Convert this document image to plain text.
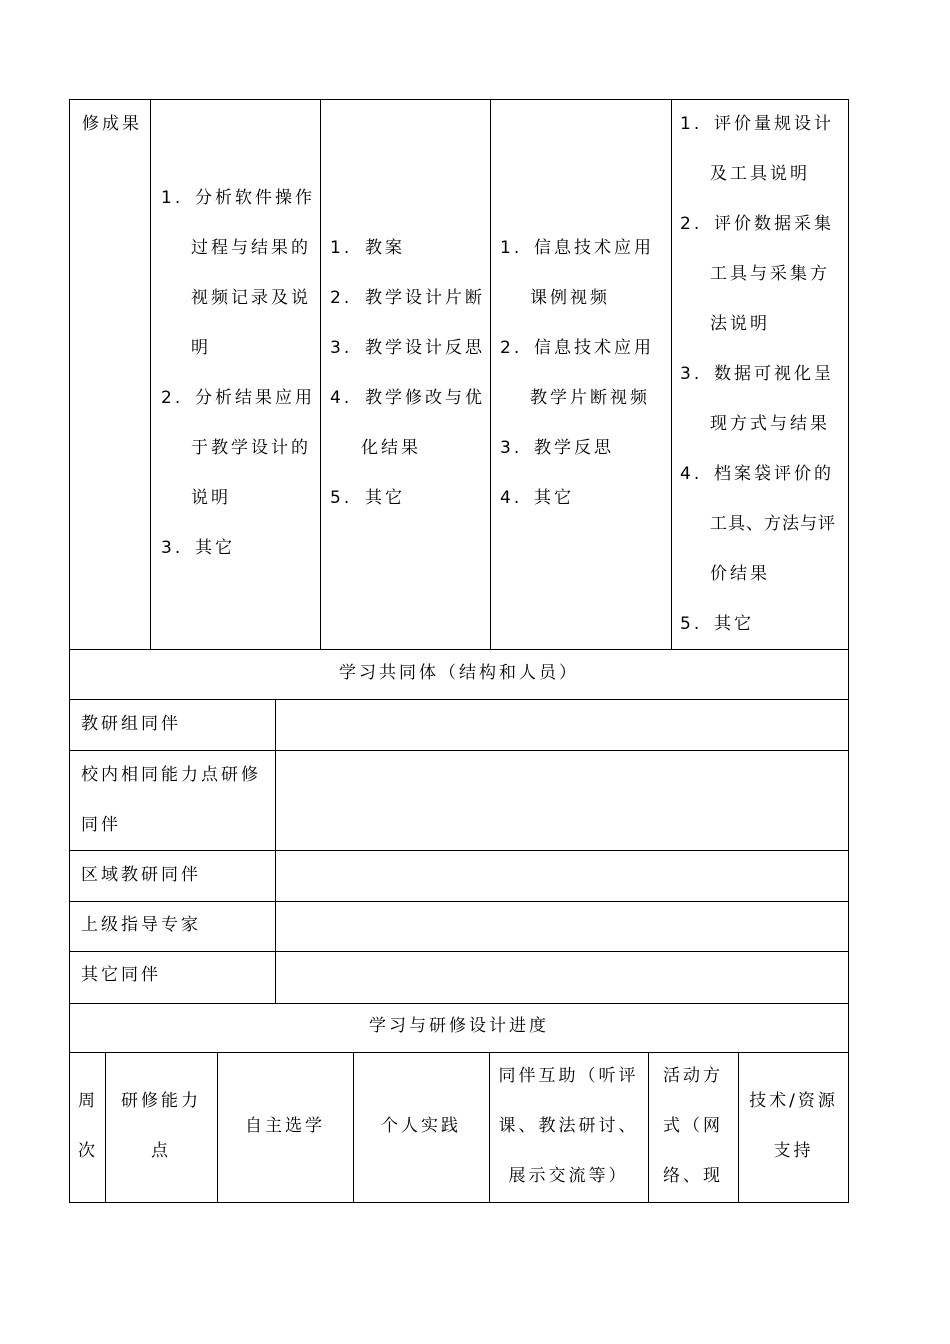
修成果
1. 分析软件操作
过程与结果的
视频记录及说
明
2. 分析结果应用
于教学设计的
说明
3. 其它
1. 教案
2. 教学设计片断
3. 教学设计反思
4. 教学修改与优
化结果
5. 其它
1. 信息技术应用
课例视频
2. 信息技术应用
教学片断视频
3. 教学反思
4. 其它
1. 评价量规设计
及工具说明
2. 评价数据采集
工具与采集方
法说明
3. 数据可视化呈
现方式与结果
4. 档案袋评价的
工具、方法与评
价结果
5. 其它
学习共同体（结构和人员）
教研组同伴
校内相同能力点研修
同伴
区域教研同伴
上级指导专家
其它同伴
学习与研修设计进度
周
次
研修能力
点
自主选学	个人实践
同伴互助（听评
课、教法研讨、
展示交流等）
活动方
式（网
络、现
技术/资源
支持
